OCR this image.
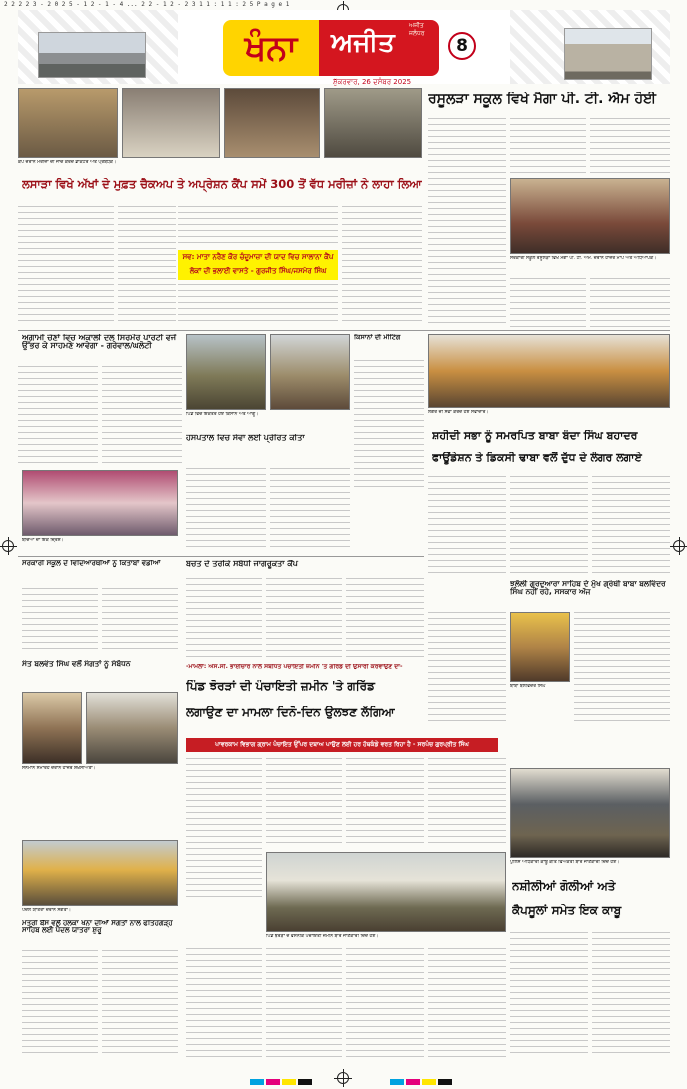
2 2 2 2 3 - 2 0 2 5 - 1 2 - 1 - 4 ... 2 2 - 1 2 - 2 3 1 1 : 1 1 : 2 5 P a g e 1
ਖੰਨਾ
ਅਜੀਤ ਜਲੰਧਰ
ਅਜੀਤ
ਸ਼ੁੱਕਰਵਾਰ, 26 ਦਸੰਬਰ 2025
8
ਕੈਂਪ ਦੌਰਾਨ ਮਰੀਜ਼ਾਂ ਦੀ ਜਾਂਚ ਕਰਦੇ ਡਾਕਟਰ ਅਤੇ ਪ੍ਰਬੰਧਕ।
ਲਸਾੜਾ ਵਿਖੇ ਅੱਖਾਂ ਦੇ ਮੁਫ਼ਤ ਚੈਕਅਪ ਤੇ ਅਪ੍ਰੇਸ਼ਨ ਕੈਂਪ ਸਮੇਂ 300 ਤੋਂ ਵੱਧ ਮਰੀਜ਼ਾਂ ਨੇ ਲਾਹਾ ਲਿਆ
ਸਵ: ਮਾਤਾ ਨਰੈਣ ਕੌਰ ਚੰਦੂਮਾਜ਼ਾ ਦੀ ਯਾਦ ਵਿਚ ਸਾਲਾਨਾ ਕੈਂਪ ਲੋਕਾਂ ਦੀ ਭਲਾਈ ਵਾਸਤੇ - ਗੁਰਜੀਤ ਸਿੰਘ/ਜਸਮੇਰ ਸਿੰਘ
ਰਸੂਲੜਾ ਸਕੂਲ ਵਿਖੇ ਮੈਗਾ ਪੀ. ਟੀ. ਐਮ ਹੋਈ
ਸਰਕਾਰੀ ਸਕੂਲ ਰਸੂਲੜਾ ਵਿਖੇ ਮੈਗਾ ਪੀ. ਟੀ. ਐਮ. ਦੌਰਾਨ ਹਾਜ਼ਰ ਮਾਪੇ ਅਤੇ ਅਧਿਆਪਕ।
ਅਗਾਮੀ ਚੋਣਾਂ ਵਿਚ ਅਕਾਲੀ ਦਲ ਸਿਰਮੌਰ ਪਾਰਟੀ ਵਜੋਂ ਉੱਭਰ ਕੇ ਸਾਹਮਣੇ ਆਵੇਗਾ - ਗਰੇਵਾਲ/ਘਲੋਟੀ
ਪਿੰਡ ਵਿਚ ਇਕੱਤਰ ਹੋਏ ਕਿਸਾਨ ਅਤੇ ਆਗੂ।
ਕਿਸਾਨਾਂ ਦੀ ਮੀਟਿੰਗ
ਲੰਗਰ ਦੀ ਸੇਵਾ ਕਰਦੇ ਹੋਏ ਸੇਵਾਦਾਰ।
ਹਸਪਤਾਲ ਵਿਚ ਸੇਵਾ ਲਈ ਪ੍ਰੇਰਿਤ ਕੀਤਾ
ਬੱਚਿਆਂ ਦਾ ਇਕ ਦ੍ਰਿਸ਼।
ਸ਼ਹੀਦੀ ਸਭਾ ਨੂੰ ਸਮਰਪਿਤ ਬਾਬਾ ਬੰਦਾ ਸਿੰਘ ਬਹਾਦਰ
ਫਾਊਂਡੇਸ਼ਨ ਤੇ ਡਿਕਸੀ ਢਾਬਾ ਵਲੋਂ ਦੁੱਧ ਦੇ ਲੰਗਰ ਲਗਾਏ
ਸਰਕਾਰੀ ਸਕੂਲ ਦੇ ਵਿਦਿਆਰਥੀਆਂ ਨੂੰ ਕਿਤਾਬਾਂ ਵੰਡੀਆਂ	ਬਚਤ ਦੇ ਤਰੀਕੇ ਸਬੰਧੀ ਜਾਗਰੂਕਤਾ ਕੈਂਪ
ਝਲੋਲੀ ਗੁਰਦੁਆਰਾ ਸਾਹਿਬ ਦੇ ਮੁੱਖ ਗ੍ਰੰਥੀ ਬਾਬਾ ਬਲਵਿੰਦਰ ਸਿੰਘ ਨਹੀਂ ਰਹੇ, ਸਸਕਾਰ ਅੱਜ
ਬਾਬਾ ਬਲਵਿੰਦਰ ਸਿੰਘ
ਸੰਤ ਬਲਵੰਤ ਸਿੰਘ ਵਲੋਂ ਸੰਗਤਾਂ ਨੂੰ ਸੰਬੋਧਨ
ਸਨਮਾਨ ਸਮਾਰੋਹ ਦੌਰਾਨ ਹਾਜ਼ਰ ਸ਼ਖ਼ਸੀਅਤਾਂ।
-ਮਾਮਲਾ: ਐਸ.ਸੀ. ਭਾਈਚਾਰੇ ਨਾਲ ਸਬੰਧਿਤ ਪੰਚਾਇਤੀ ਜ਼ਮੀਨ 'ਤੇ ਗਰਿੱਡ ਦੀ ਉਸਾਰੀ ਕਰਵਾਉਣ ਦਾ-
ਪਿੰਡ ਝੋਰੜਾਂ ਦੀ ਪੰਚਾਇਤੀ ਜ਼ਮੀਨ 'ਤੇ ਗਰਿੱਡ
ਲਗਾਉਣ ਦਾ ਮਾਮਲਾ ਦਿਨੋ-ਦਿਨ ਉਲਝਣ ਲੱਗਿਆ
ਪਾਵਰਕਾਮ ਵਿਭਾਗ ਗ੍ਰਾਮ ਪੰਚਾਇਤ ਉੱਪਰ ਦਬਾਅ ਪਾਉਣ ਲਈ ਹਰ ਹੱਥਕੰਡੇ ਵਰਤ ਰਿਹਾ ਹੈ - ਸਰਪੰਚ ਗੁਰਪ੍ਰੀਤ ਸਿੰਘ
ਪੁਲਿਸ ਅਧਿਕਾਰੀ ਕਾਬੂ ਕੀਤੇ ਵਿਅਕਤੀ ਬਾਰੇ ਜਾਣਕਾਰੀ ਦਿੰਦੇ ਹੋਏ।
ਪਿੰਡ ਝੋਰੜਾਂ ਦੇ ਵਸਨੀਕ ਪੰਚਾਇਤੀ ਜ਼ਮੀਨ ਬਾਰੇ ਜਾਣਕਾਰੀ ਦਿੰਦੇ ਹੋਏ।
ਪੈਦਲ ਯਾਤਰਾ ਦੌਰਾਨ ਸੰਗਤਾਂ।
ਮੰਤਰੀ ਬੈਂਸ ਵਲੋਂ ਹਲਕਾ ਖੰਨਾ ਦੀਆਂ ਸੰਗਤਾਂ ਨਾਲ ਫਤਿਹਗੜ੍ਹ ਸਾਹਿਬ ਲਈ ਪੈਦਲ ਯਾਤਰਾ ਸ਼ੁਰੂ
ਨਸ਼ੀਲੀਆਂ ਗੋਲੀਆਂ ਅਤੇ
ਕੈਪਸੂਲਾਂ ਸਮੇਤ ਇਕ ਕਾਬੂ
